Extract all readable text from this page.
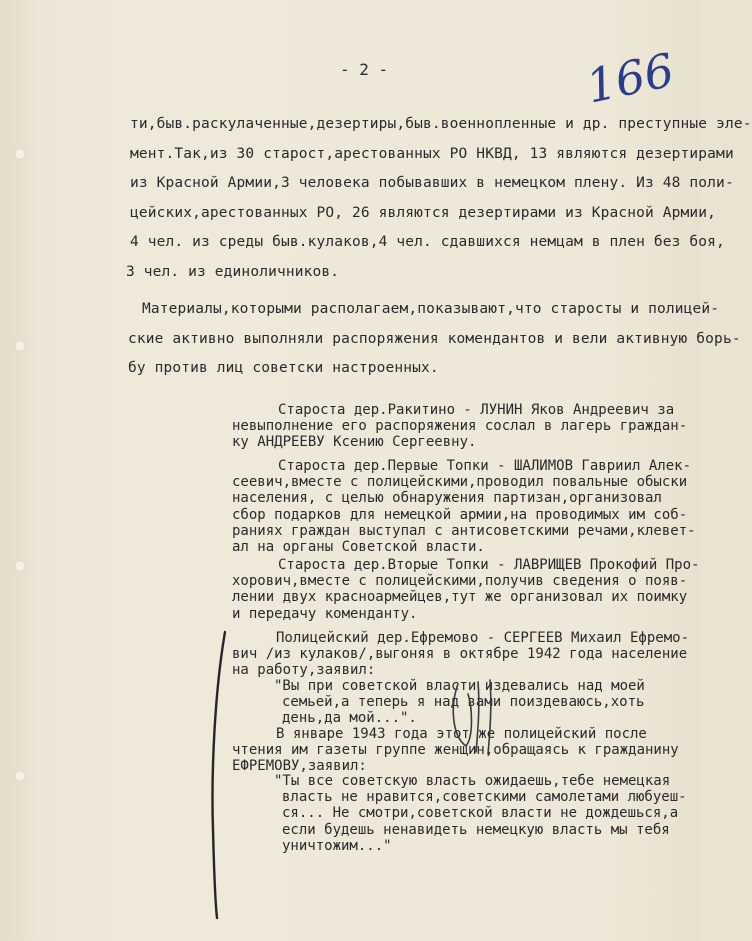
- 2 -	166
ти,быв.раскулаченные,дезертиры,быв.военнопленные и др. преступные эле-
мент.Так,из 30 старост,арестованных РО НКВД, 13 являются дезертирами
из Красной Армии,3 человека побывавших в немецком плену. Из 48 поли-
цейских,арестованных РО, 26 являются дезертирами из Красной Армии,
4 чел. из среды быв.кулаков,4 чел. сдавшихся немцам в плен без боя,
3 чел. из единоличников.
Материалы,которыми располагаем,показывают,что старосты и полицей-
ские активно выполняли распоряжения комендантов и вели активную борь-
бу против лиц советски настроенных.
Староста дер.Ракитино - ЛУНИН Яков Андреевич за
невыполнение его распоряжения сослал в лагерь граждан-
ку АНДРЕЕВУ Ксению Сергеевну.
Староста дер.Первые Топки - ШАЛИМОВ Гавриил Алек-
сеевич,вместе с полицейскими,проводил повальные обыски
населения, с целью обнаружения партизан,организовал
сбор подарков для немецкой армии,на проводимых им соб-
раниях граждан выступал с антисоветскими речами,клевет-
ал на органы Советской власти.
Староста дер.Вторые Топки - ЛАВРИЩЕВ Прокофий Про-
хорович,вместе с полицейскими,получив сведения о появ-
лении двух красноармейцев,тут же организовал их поимку
и передачу коменданту.
Полицейский дер.Ефремово - СЕРГЕЕВ Михаил Ефремо-
вич /из кулаков/,выгоняя в октябре 1942 года население
на работу,заявил:
"Вы при советской власти издевались над моей
семьей,а теперь я над вами поиздеваюсь,хоть
день,да мой...".
В январе 1943 года этот же полицейский после
чтения им газеты группе женщин,обращаясь к гражданину
ЕФРЕМОВУ,заявил:
"Ты все советскую власть ожидаешь,тебе немецкая
власть не нравится,советскими самолетами любуеш-
ся... Не смотри,советской власти не дождешься,а
если будешь ненавидеть немецкую власть мы тебя
уничтожим..."
